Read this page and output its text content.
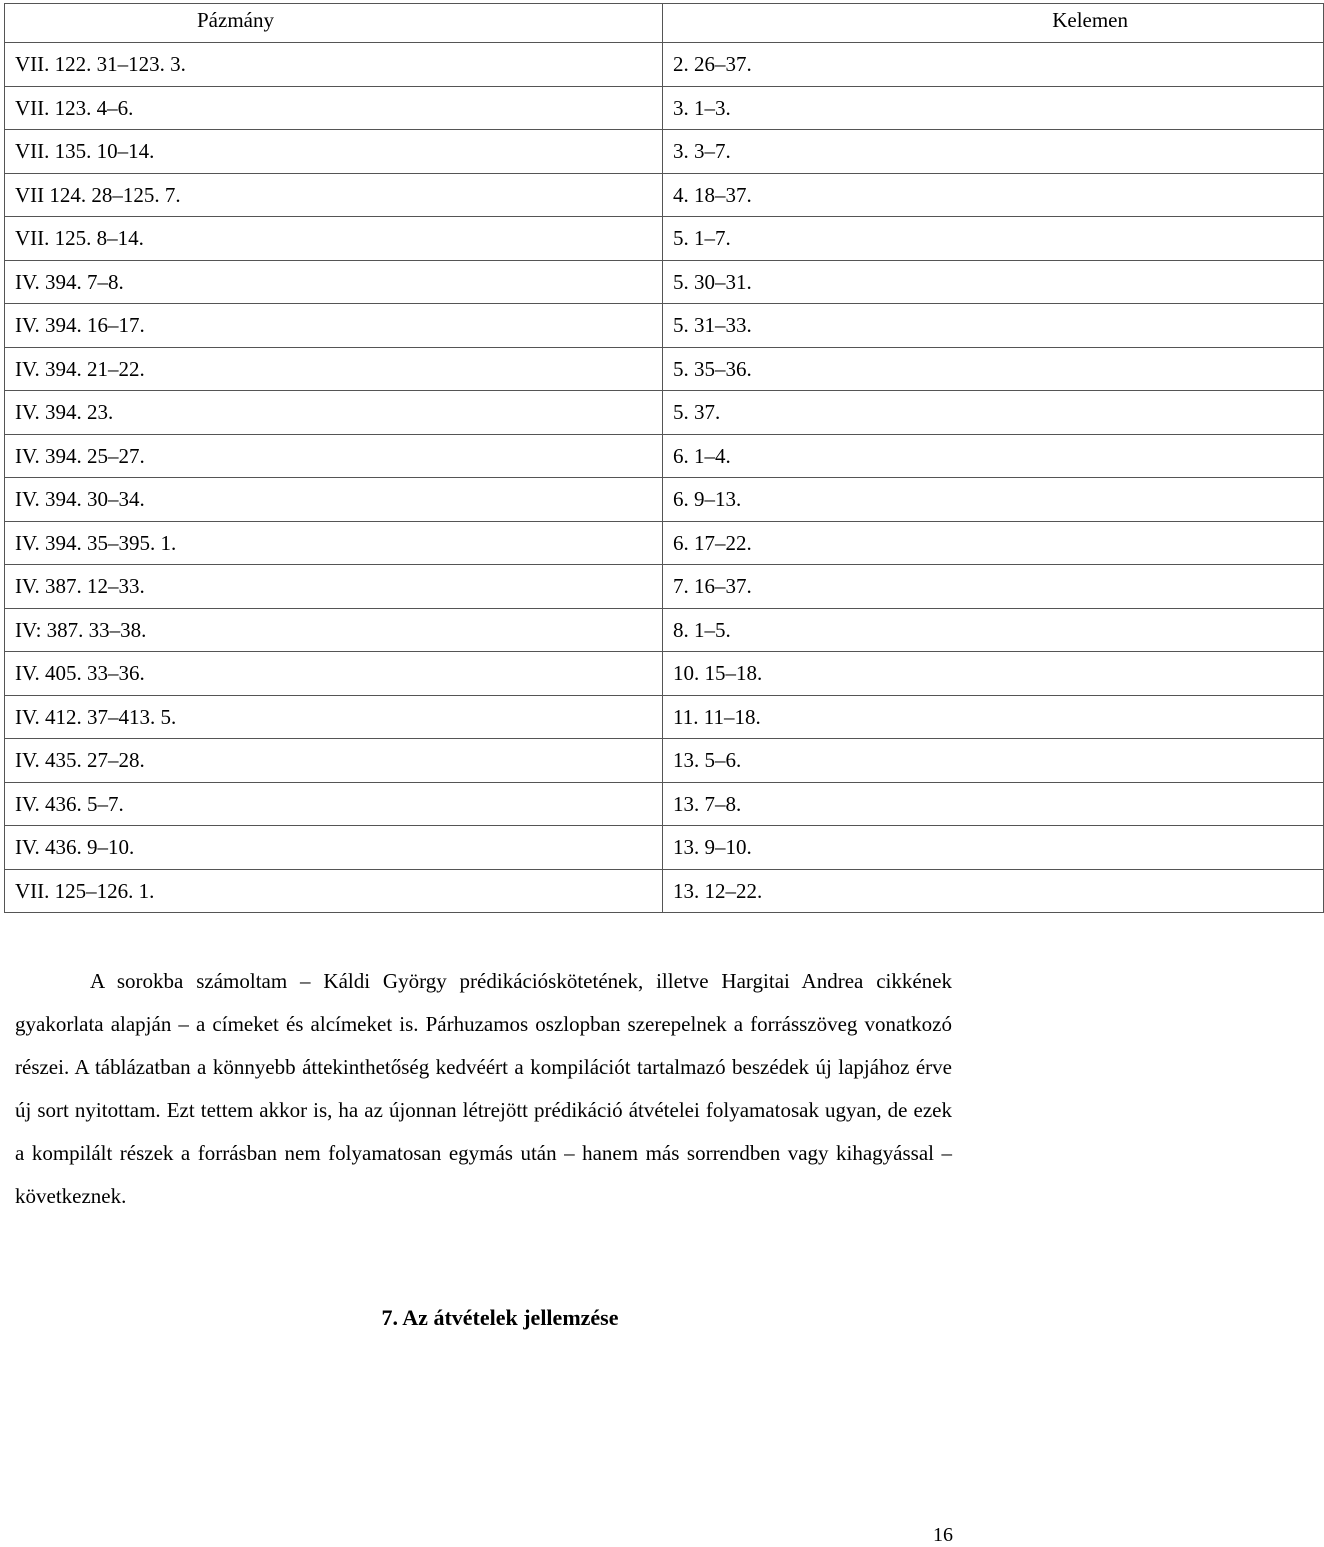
Pázmány	Kelemen
VII. 122. 31–123. 3.	2. 26–37.
VII. 123. 4–6.	3. 1–3.
VII. 135. 10–14.	3. 3–7.
VII 124. 28–125. 7.	4. 18–37.
VII. 125. 8–14.	5. 1–7.
IV. 394. 7–8.	5. 30–31.
IV. 394. 16–17.	5. 31–33.
IV. 394. 21–22.	5. 35–36.
IV. 394. 23.	5. 37.
IV. 394. 25–27.	6. 1–4.
IV. 394. 30–34.	6. 9–13.
IV. 394. 35–395. 1.	6. 17–22.
IV. 387. 12–33.	7. 16–37.
IV: 387. 33–38.	8. 1–5.
IV. 405. 33–36.	10. 15–18.
IV. 412. 37–413. 5.	11. 11–18.
IV. 435. 27–28.	13. 5–6.
IV. 436. 5–7.	13. 7–8.
IV. 436. 9–10.	13. 9–10.
VII. 125–126. 1.	13. 12–22.

A sorokba számoltam – Káldi György prédikációskötetének, illetve Hargitai Andrea cikkének gyakorlata alapján – a címeket és alcímeket is. Párhuzamos oszlopban szerepelnek a forrásszöveg vonatkozó részei. A táblázatban a könnyebb áttekinthetőség kedvéért a kompilációt tartalmazó beszédek új lapjához érve új sort nyitottam. Ezt tettem akkor is, ha az újonnan létrejött prédikáció átvételei folyamatosak ugyan, de ezek a kompilált részek a forrásban nem folyamatosan egymás után – hanem más sorrendben vagy kihagyással – következnek.

7. Az átvételek jellemzése
16
